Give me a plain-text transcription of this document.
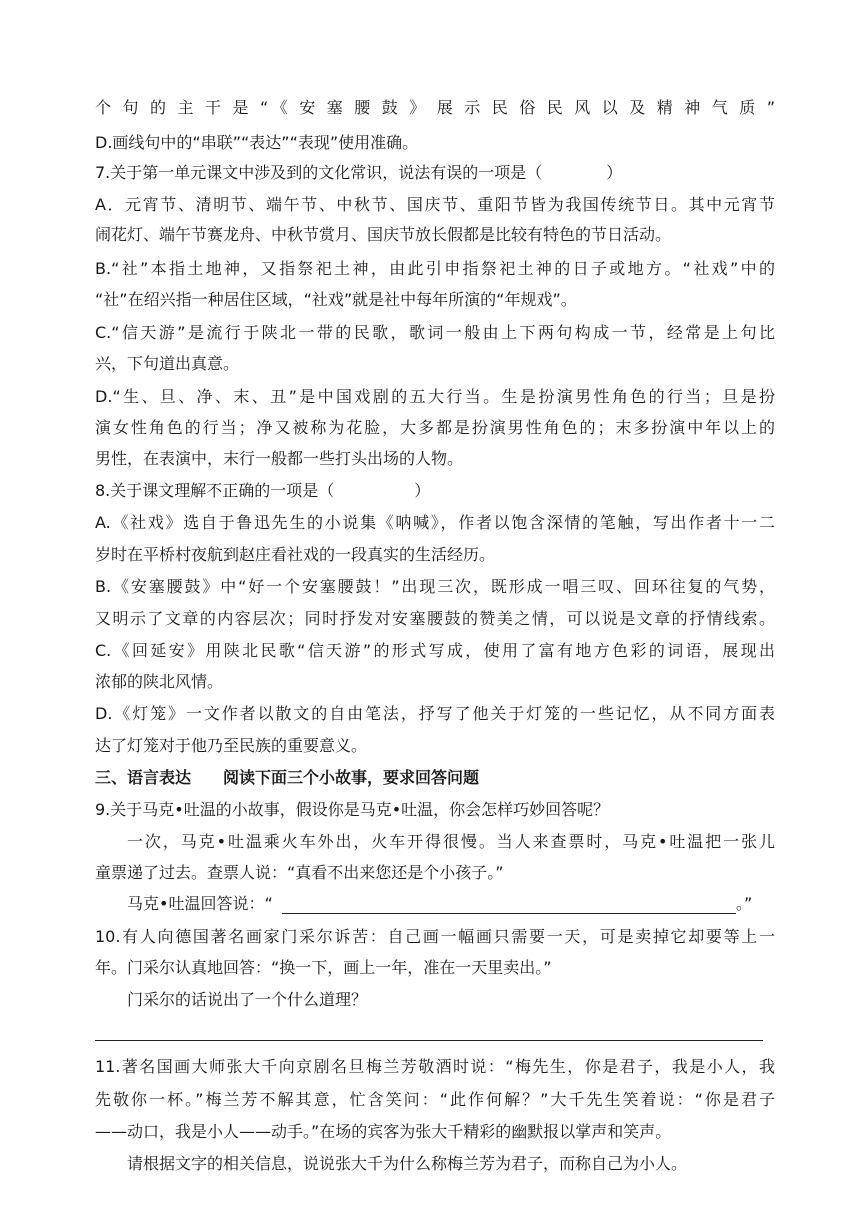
个句的主干是“《安塞腰鼓》展示民俗民风以及精神气质”
D.画线句中的“串联”“表达”“表现”使用准确。
7.关于第一单元课文中涉及到的文化常识，说法有误的一项是（　　　　）
A．元宵节、清明节、端午节、中秋节、国庆节、重阳节皆为我国传统节日。其中元宵节
闹花灯、端午节赛龙舟、中秋节赏月、国庆节放长假都是比较有特色的节日活动。
B.“社”本指土地神，又指祭祀土神，由此引申指祭祀土神的日子或地方。“社戏”中的
“社”在绍兴指一种居住区域，“社戏”就是社中每年所演的“年规戏”。
C.“信天游”是流行于陕北一带的民歌，歌词一般由上下两句构成一节，经常是上句比
兴，下句道出真意。
D.“生、旦、净、末、丑”是中国戏剧的五大行当。生是扮演男性角色的行当；旦是扮
演女性角色的行当；净又被称为花脸，大多都是扮演男性角色的；末多扮演中年以上的
男性，在表演中，末行一般都一些打头出场的人物。
8.关于课文理解不正确的一项是（　　　　　）
A.《社戏》选自于鲁迅先生的小说集《呐喊》，作者以饱含深情的笔触，写出作者十一二
岁时在平桥村夜航到赵庄看社戏的一段真实的生活经历。
B.《安塞腰鼓》中“好一个安塞腰鼓！”出现三次，既形成一唱三叹、回环往复的气势，
又明示了文章的内容层次；同时抒发对安塞腰鼓的赞美之情，可以说是文章的抒情线索。
C.《回延安》用陕北民歌“信天游”的形式写成，使用了富有地方色彩的词语，展现出
浓郁的陕北风情。
D.《灯笼》一文作者以散文的自由笔法，抒写了他关于灯笼的一些记忆，从不同方面表
达了灯笼对于他乃至民族的重要意义。
三、语言表达　　阅读下面三个小故事，要求回答问题
9.关于马克•吐温的小故事，假设你是马克•吐温，你会怎样巧妙回答呢？
一次，马克•吐温乘火车外出，火车开得很慢。当人来查票时，马克•吐温把一张儿
童票递了过去。查票人说：“真看不出来您还是个小孩子。”
马克•吐温回答说：“	。”
10.有人向德国著名画家门采尔诉苦：自己画一幅画只需要一天，可是卖掉它却要等上一
年。门采尔认真地回答：“换一下，画上一年，准在一天里卖出。”
门采尔的话说出了一个什么道理？
11.著名国画大师张大千向京剧名旦梅兰芳敬酒时说：“梅先生，你是君子，我是小人，我
先敬你一杯。”梅兰芳不解其意，忙含笑问：“此作何解？”大千先生笑着说：“你是君子
——动口，我是小人——动手。”在场的宾客为张大千精彩的幽默报以掌声和笑声。
请根据文字的相关信息，说说张大千为什么称梅兰芳为君子，而称自己为小人。
